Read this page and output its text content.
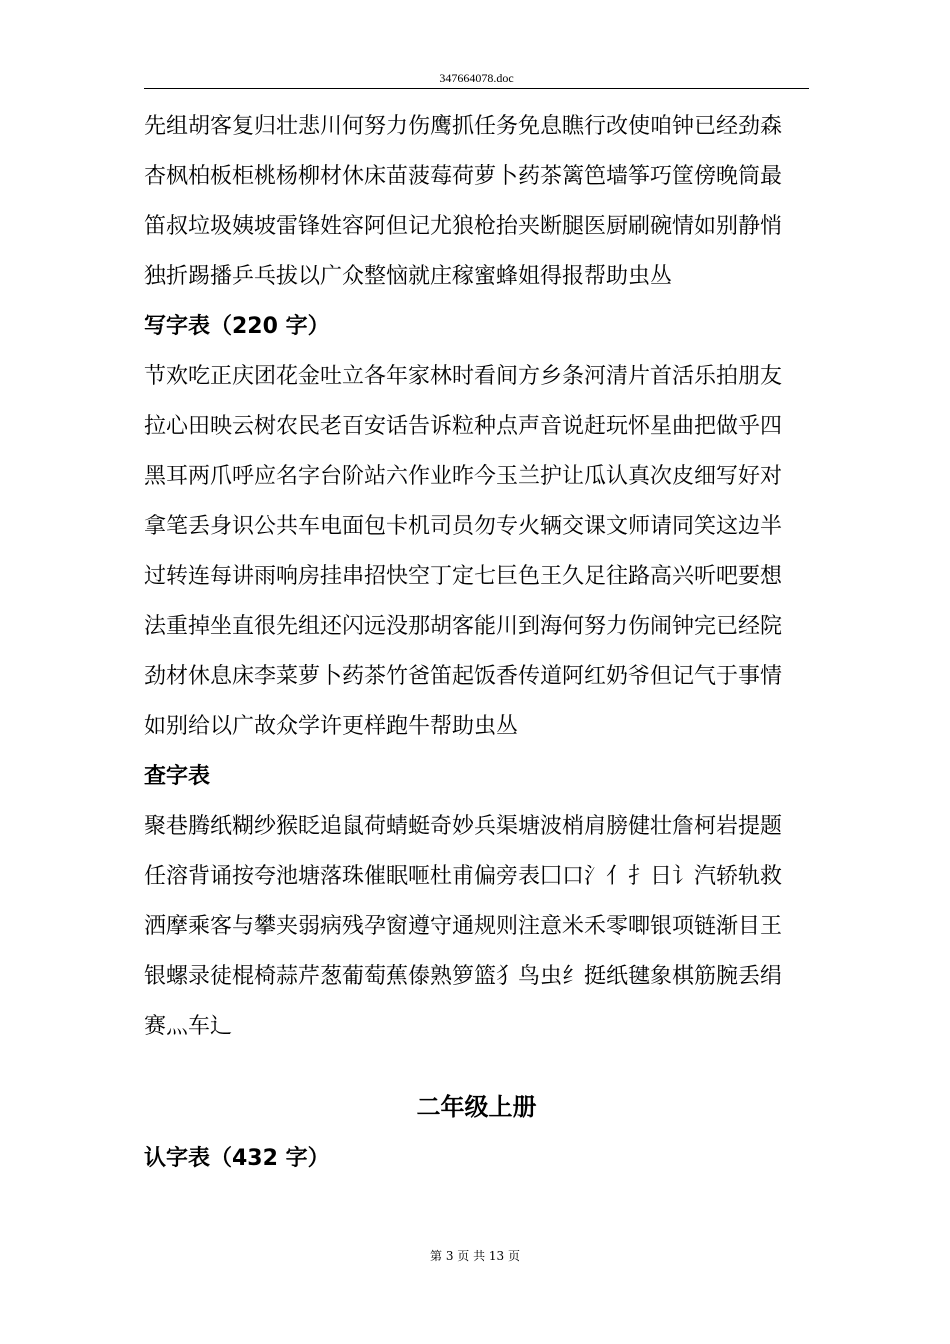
347664078.doc

先组胡客复归壮悲川何努力伤鹰抓任务免息瞧行改使咱钟已经劲森

杏枫柏板柜桃杨柳材休床苗菠莓荷萝卜药茶篱笆墙筝巧筐傍晚筒最

笛叔垃圾姨坡雷锋姓容阿但记尤狼枪抬夹断腿医厨刷碗情如别静悄

独折踢播乒乓拔以广众整恼就庄稼蜜蜂姐得报帮助虫丛

写字表（220 字）

节欢吃正庆团花金吐立各年家林时看间方乡条河清片首活乐拍朋友

拉心田映云树农民老百安话告诉粒种点声音说赶玩怀星曲把做乎四

黑耳两爪呼应名字台阶站六作业昨今玉兰护让瓜认真次皮细写好对

拿笔丢身识公共车电面包卡机司员勿专火辆交课文师请同笑这边半

过转连每讲雨响房挂串招快空丁定七巨色王久足往路高兴听吧要想

法重掉坐直很先组还闪远没那胡客能川到海何努力伤闹钟完已经院

劲材休息床李菜萝卜药茶竹爸笛起饭香传道阿红奶爷但记气于事情

如别给以广故众学许更样跑牛帮助虫丛

查字表

聚巷腾纸糊纱猴眨追鼠荷蜻蜓奇妙兵渠塘波梢肩膀健壮詹柯岩提题

任溶背诵按夸池塘落珠催眠咂杜甫偏旁表囗口氵亻扌日讠汽轿轨救

洒摩乘客与攀夹弱病残孕窗遵守通规则注意米禾零唧银项链渐目王

银螺录徒棍椅蒜芹葱葡萄蕉傣熟箩篮犭鸟虫纟挺纸毽象棋筋腕丢绢

赛灬车辶

二年级上册

认字表（432 字）

第 3 页 共 13 页
